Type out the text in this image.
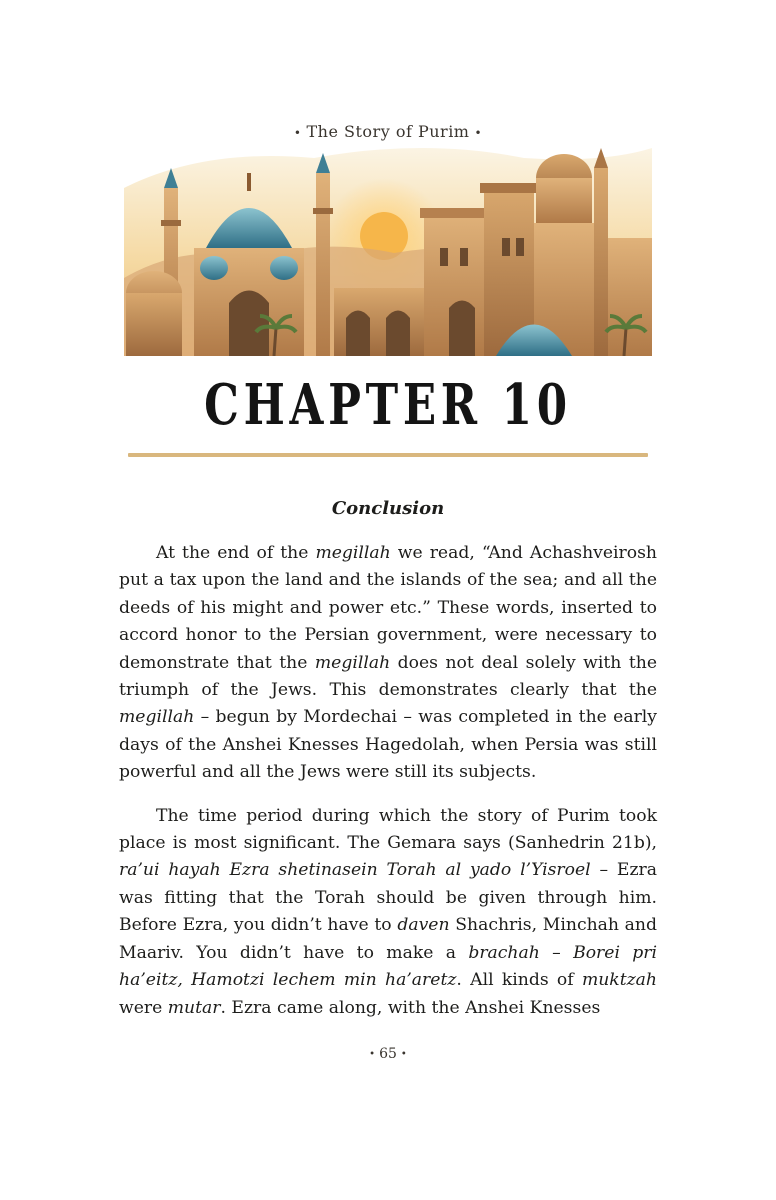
• The Story of Purim •
CHAPTER 10
Conclusion

At the end of the megillah we read, “And Achashveirosh put a tax upon the land and the islands of the sea; and all the deeds of his might and power etc.” These words, inserted to accord honor to the Persian government, were necessary to demonstrate that the megillah does not deal solely with the triumph of the Jews. This demonstrates clearly that the megillah – begun by Mordechai – was completed in the early days of the Anshei Knesses Hagedolah, when Persia was still powerful and all the Jews were still its subjects.

The time period during which the story of Purim took place is most significant. The Gemara says (Sanhedrin 21b), ra’ui hayah Ezra shetinasein Torah al yado l’Yisroel – Ezra was fitting that the Torah should be given through him. Before Ezra, you didn’t have to daven Shachris, Minchah and Maariv. You didn’t have to make a brachah – Borei pri ha’eitz, Hamotzi lechem min ha’aretz. All kinds of muktzah were mutar. Ezra came along, with the Anshei Knesses

• 65 •
